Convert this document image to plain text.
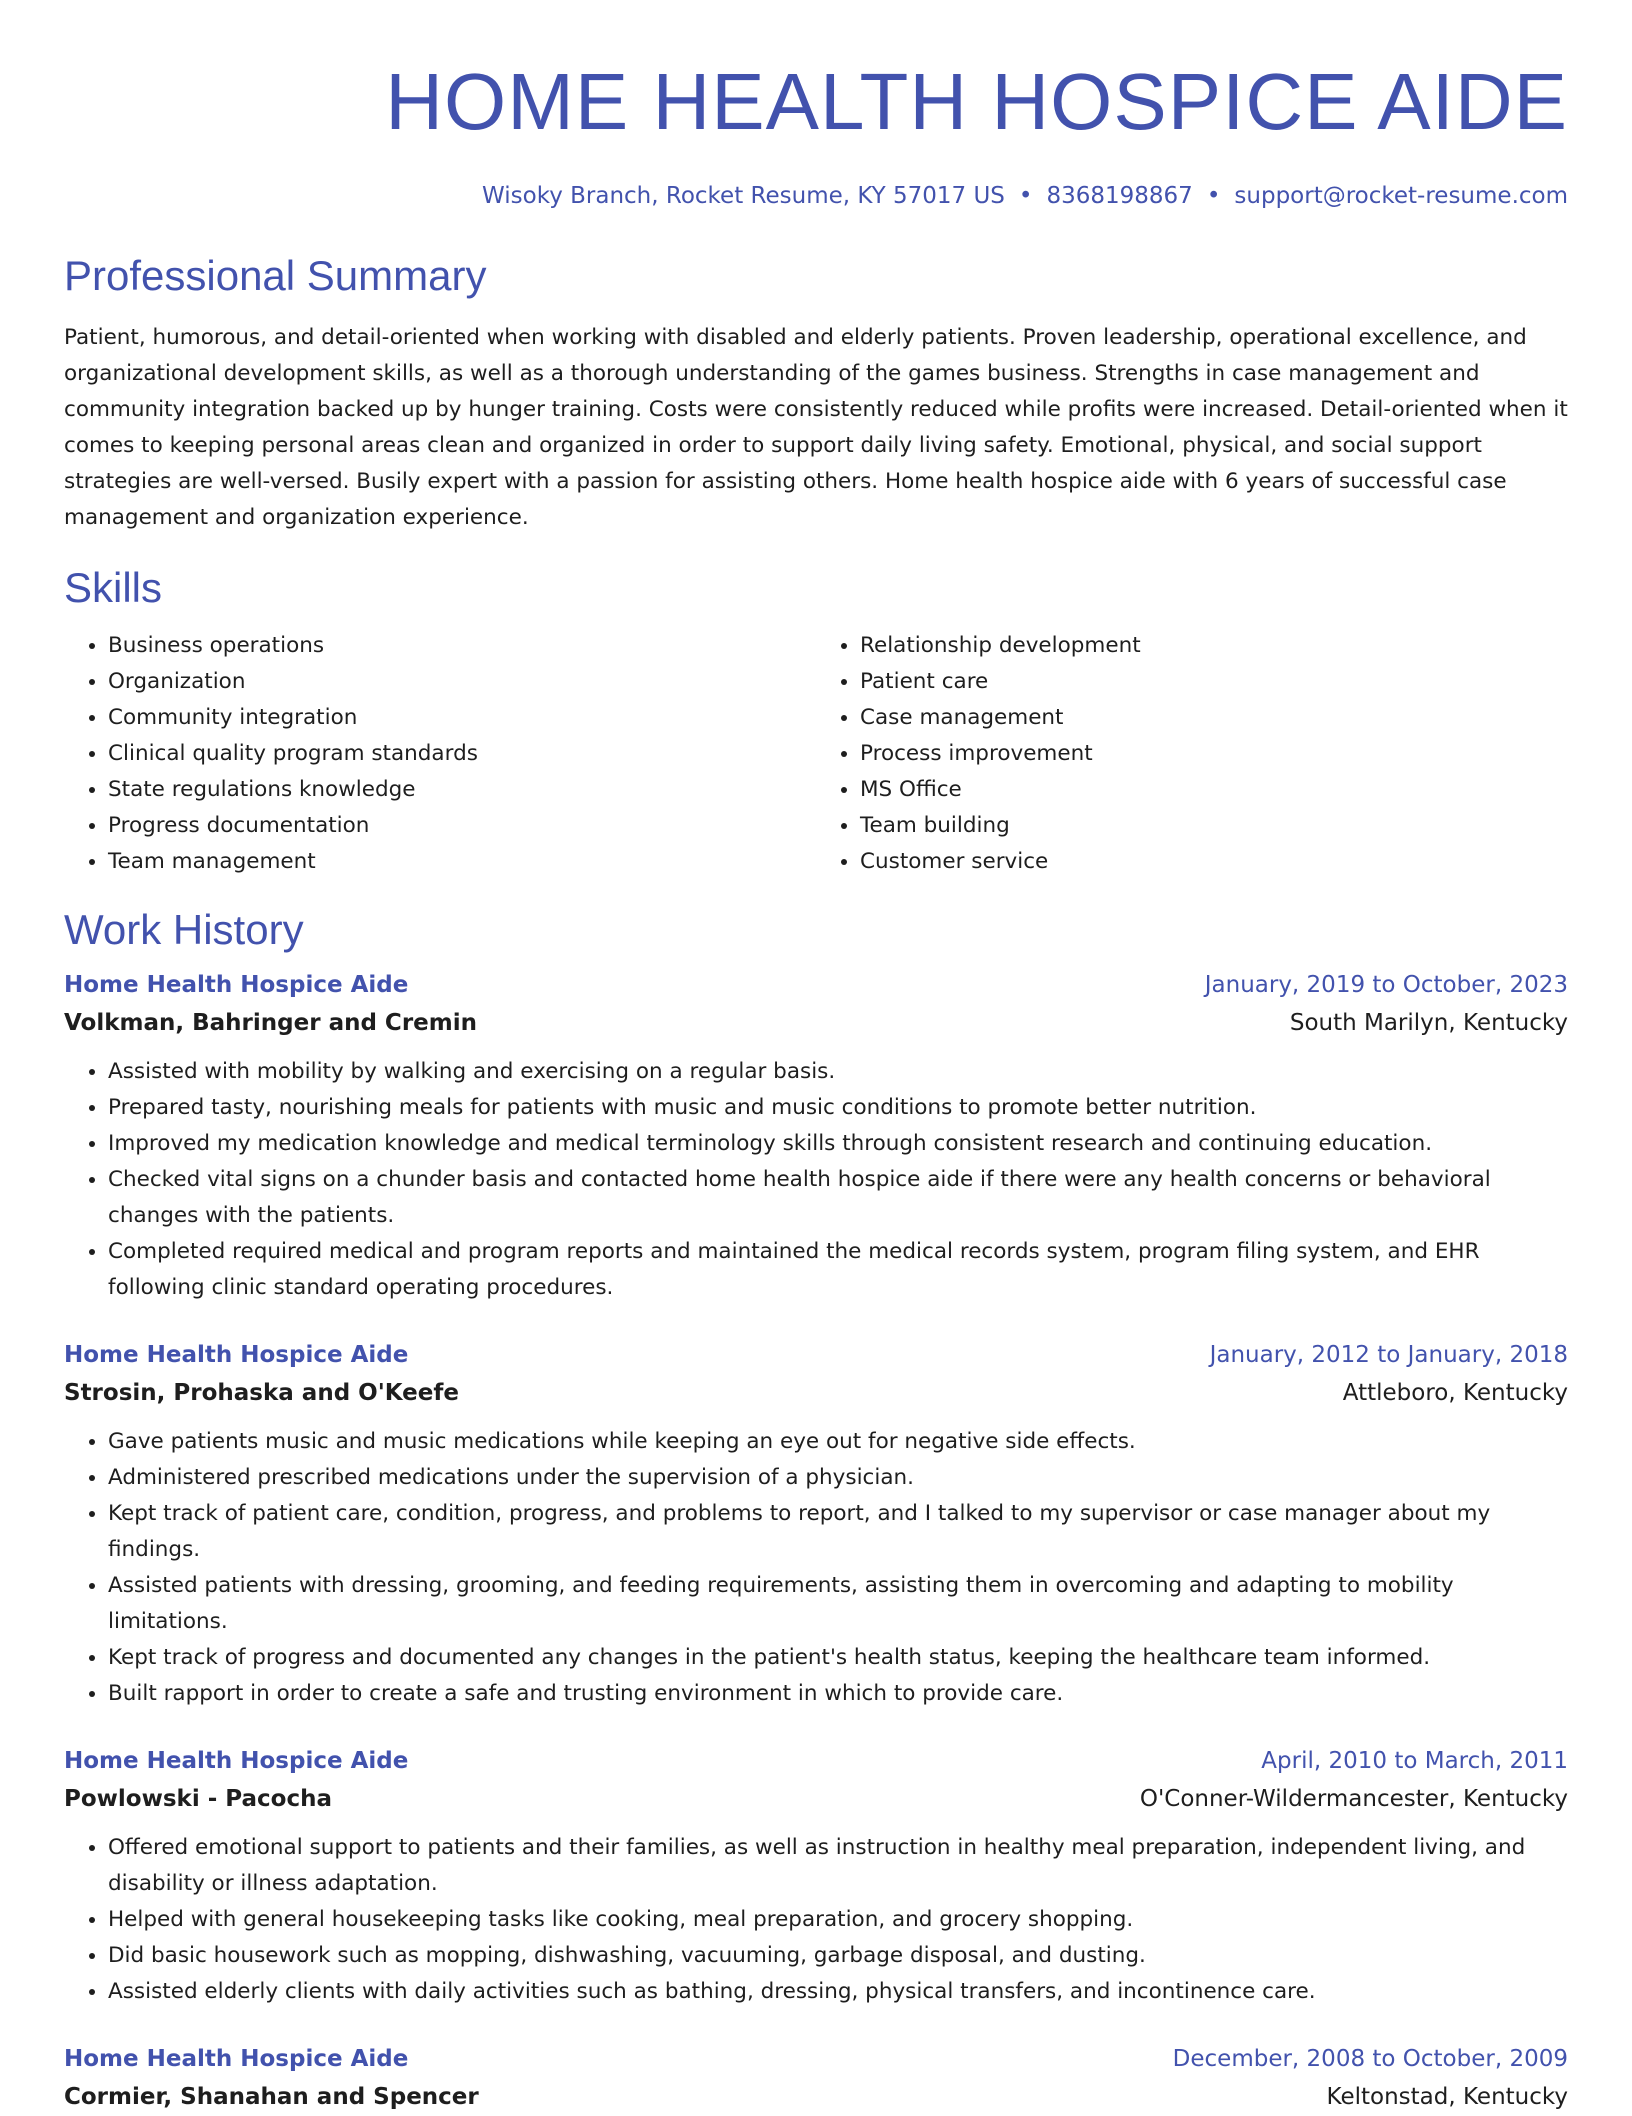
HOME HEALTH HOSPICE AIDE
Wisoky Branch, Rocket Resume, KY 57017 US • 8368198867 • support@rocket-resume.com
Professional Summary

Patient, humorous, and detail-oriented when working with disabled and elderly patients. Proven leadership, operational excellence, and organizational development skills, as well as a thorough understanding of the games business. Strengths in case management and community integration backed up by hunger training. Costs were consistently reduced while profits were increased. Detail-oriented when it comes to keeping personal areas clean and organized in order to support daily living safety. Emotional, physical, and social support strategies are well-versed. Busily expert with a passion for assisting others. Home health hospice aide with 6 years of successful case management and organization experience.

Skills
• Business operations
• Organization
• Community integration
• Clinical quality program standards
• State regulations knowledge
• Progress documentation
• Team management
• Relationship development
• Patient care
• Case management
• Process improvement
• MS Office
• Team building
• Customer service
Work History
Home Health Hospice Aide	January, 2019 to October, 2023
Volkman, Bahringer and Cremin	South Marilyn, Kentucky
• Assisted with mobility by walking and exercising on a regular basis.
• Prepared tasty, nourishing meals for patients with music and music conditions to promote better nutrition.
• Improved my medication knowledge and medical terminology skills through consistent research and continuing education.
• Checked vital signs on a chunder basis and contacted home health hospice aide if there were any health concerns or behavioral changes with the patients.
• Completed required medical and program reports and maintained the medical records system, program filing system, and EHR following clinic standard operating procedures.
Home Health Hospice Aide	January, 2012 to January, 2018
Strosin, Prohaska and O'Keefe	Attleboro, Kentucky
• Gave patients music and music medications while keeping an eye out for negative side effects.
• Administered prescribed medications under the supervision of a physician.
• Kept track of patient care, condition, progress, and problems to report, and I talked to my supervisor or case manager about my findings.
• Assisted patients with dressing, grooming, and feeding requirements, assisting them in overcoming and adapting to mobility limitations.
• Kept track of progress and documented any changes in the patient's health status, keeping the healthcare team informed.
• Built rapport in order to create a safe and trusting environment in which to provide care.
Home Health Hospice Aide	April, 2010 to March, 2011
Powlowski - Pacocha	O'Conner-Wildermancester, Kentucky
• Offered emotional support to patients and their families, as well as instruction in healthy meal preparation, independent living, and disability or illness adaptation.
• Helped with general housekeeping tasks like cooking, meal preparation, and grocery shopping.
• Did basic housework such as mopping, dishwashing, vacuuming, garbage disposal, and dusting.
• Assisted elderly clients with daily activities such as bathing, dressing, physical transfers, and incontinence care.
Home Health Hospice Aide	December, 2008 to October, 2009
Cormier, Shanahan and Spencer	Keltonstad, Kentucky
